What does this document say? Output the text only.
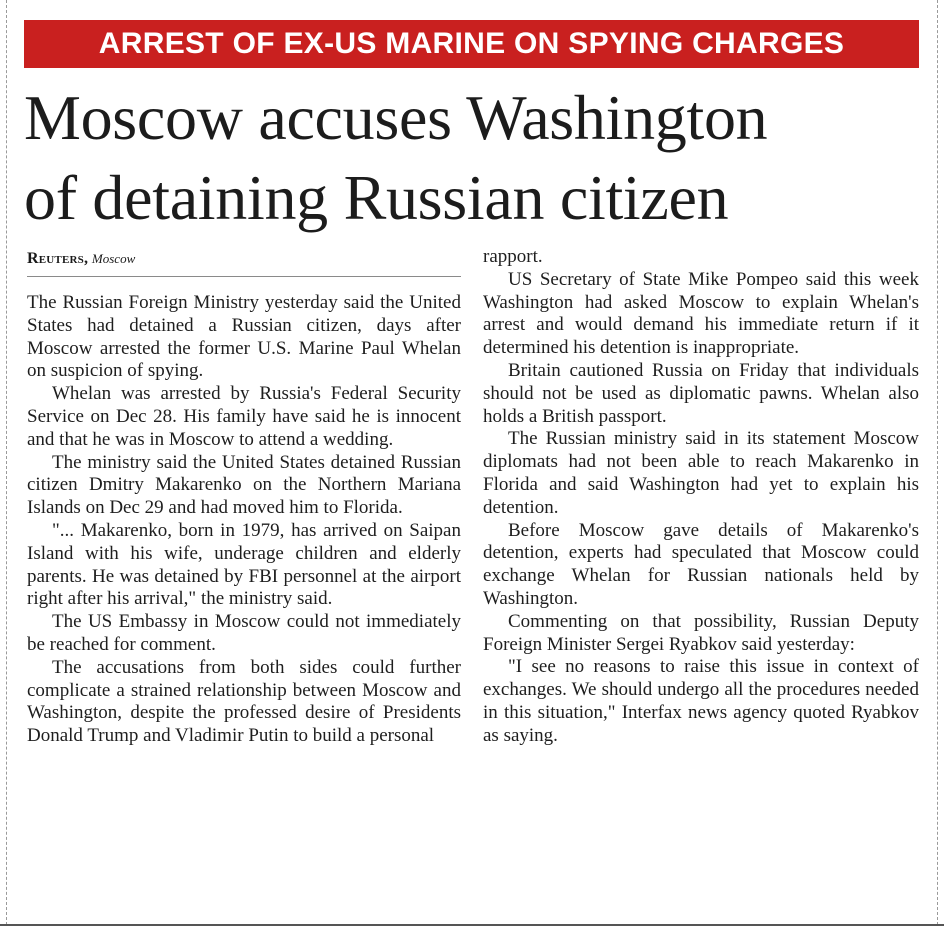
ARREST OF EX-US MARINE ON SPYING CHARGES
Moscow accuses Washington
of detaining Russian citizen
Reuters, Moscow

The Russian Foreign Ministry yesterday said the United States had detained a Russian citizen, days after Moscow arrested the former U.S. Marine Paul Whelan on suspicion of spying.

Whelan was arrested by Russia's Federal Security Service on Dec 28. His family have said he is innocent and that he was in Moscow to attend a wedding.

The ministry said the United States detained Russian citizen Dmitry Makarenko on the Northern Mariana Islands on Dec 29 and had moved him to Florida.

"... Makarenko, born in 1979, has arrived on Saipan Island with his wife, underage children and elderly parents. He was detained by FBI personnel at the airport right after his arrival," the ministry said.

The US Embassy in Moscow could not immediately be reached for comment.

The accusations from both sides could further complicate a strained relationship between Moscow and Washington, despite the professed desire of Presidents Donald Trump and Vladimir Putin to build a personal

rapport.

US Secretary of State Mike Pompeo said this week Washington had asked Moscow to explain Whelan's arrest and would demand his immediate return if it determined his detention is inappropriate.

Britain cautioned Russia on Friday that individuals should not be used as diplomatic pawns. Whelan also holds a British passport.

The Russian ministry said in its statement Moscow diplomats had not been able to reach Makarenko in Florida and said Washington had yet to explain his detention.

Before Moscow gave details of Makarenko's detention, experts had speculated that Moscow could exchange Whelan for Russian nationals held by Washington.

Commenting on that possibility, Russian Deputy Foreign Minister Sergei Ryabkov said yesterday:

"I see no reasons to raise this issue in context of exchanges. We should undergo all the procedures needed in this situation," Interfax news agency quoted Ryabkov as saying.
